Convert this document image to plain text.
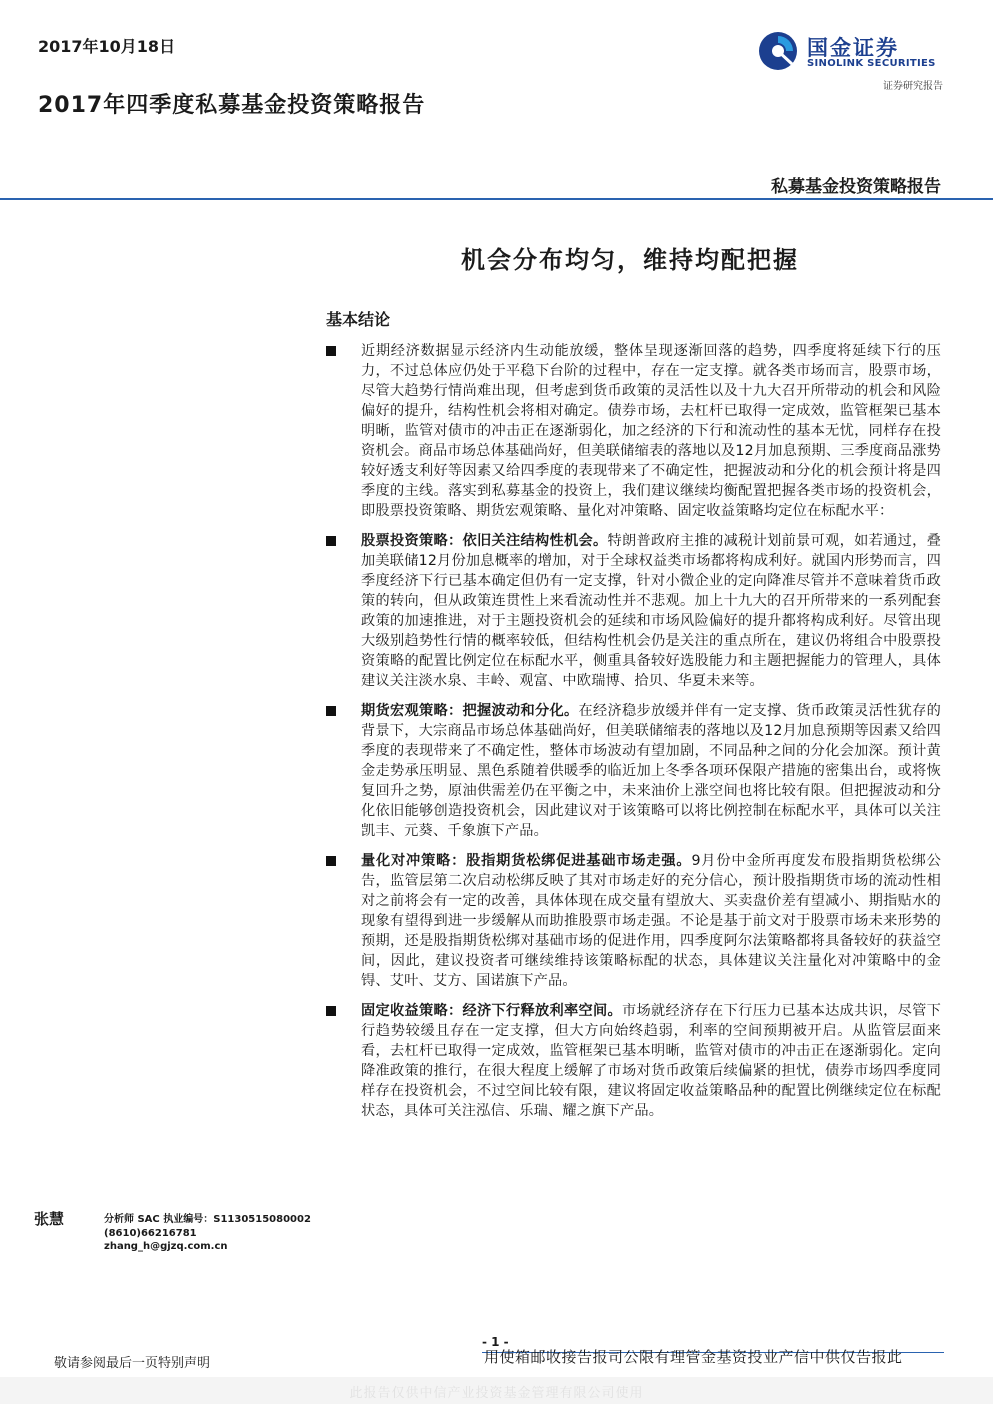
2017年10月18日
2017年四季度私募基金投资策略报告
国金证券
SINOLINK SECURITIES
证券研究报告
私募基金投资策略报告
机会分布均匀，维持均配把握
基本结论
近期经济数据显示经济内生动能放缓，整体呈现逐渐回落的趋势，四季度将延续下行的压力，不过总体应仍处于平稳下台阶的过程中，存在一定支撑。就各类市场而言，股票市场，尽管大趋势行情尚难出现，但考虑到货币政策的灵活性以及十九大召开所带动的机会和风险偏好的提升，结构性机会将相对确定。债券市场，去杠杆已取得一定成效，监管框架已基本明晰，监管对债市的冲击正在逐渐弱化，加之经济的下行和流动性的基本无忧，同样存在投资机会。商品市场总体基础尚好，但美联储缩表的落地以及12月加息预期、三季度商品涨势较好透支利好等因素又给四季度的表现带来了不确定性，把握波动和分化的机会预计将是四季度的主线。落实到私募基金的投资上，我们建议继续均衡配置把握各类市场的投资机会，即股票投资策略、期货宏观策略、量化对冲策略、固定收益策略均定位在标配水平：
股票投资策略：依旧关注结构性机会。特朗普政府主推的减税计划前景可观，如若通过，叠加美联储12月份加息概率的增加，对于全球权益类市场都将构成利好。就国内形势而言，四季度经济下行已基本确定但仍有一定支撑，针对小微企业的定向降准尽管并不意味着货币政策的转向，但从政策连贯性上来看流动性并不悲观。加上十九大的召开所带来的一系列配套政策的加速推进，对于主题投资机会的延续和市场风险偏好的提升都将构成利好。尽管出现大级别趋势性行情的概率较低，但结构性机会仍是关注的重点所在，建议仍将组合中股票投资策略的配置比例定位在标配水平，侧重具备较好选股能力和主题把握能力的管理人，具体建议关注淡水泉、丰岭、观富、中欧瑞博、拾贝、华夏未来等。
期货宏观策略：把握波动和分化。在经济稳步放缓并伴有一定支撑、货币政策灵活性犹存的背景下，大宗商品市场总体基础尚好，但美联储缩表的落地以及12月加息预期等因素又给四季度的表现带来了不确定性，整体市场波动有望加剧，不同品种之间的分化会加深。预计黄金走势承压明显、黑色系随着供暖季的临近加上冬季各项环保限产措施的密集出台，或将恢复回升之势，原油供需差仍在平衡之中，未来油价上涨空间也将比较有限。但把握波动和分化依旧能够创造投资机会，因此建议对于该策略可以将比例控制在标配水平，具体可以关注凯丰、元葵、千象旗下产品。
量化对冲策略：股指期货松绑促进基础市场走强。9月份中金所再度发布股指期货松绑公告，监管层第二次启动松绑反映了其对市场走好的充分信心，预计股指期货市场的流动性相对之前将会有一定的改善，具体体现在成交量有望放大、买卖盘价差有望减小、期指贴水的现象有望得到进一步缓解从而助推股票市场走强。不论是基于前文对于股票市场未来形势的预期，还是股指期货松绑对基础市场的促进作用，四季度阿尔法策略都将具备较好的获益空间，因此，建议投资者可继续维持该策略标配的状态，具体建议关注量化对冲策略中的金锝、艾叶、艾方、国诺旗下产品。
固定收益策略：经济下行释放利率空间。市场就经济存在下行压力已基本达成共识，尽管下行趋势较缓且存在一定支撑，但大方向始终趋弱，利率的空间预期被开启。从监管层面来看，去杠杆已取得一定成效，监管框架已基本明晰，监管对债市的冲击正在逐渐弱化。定向降准政策的推行，在很大程度上缓解了市场对货币政策后续偏紧的担忧，债券市场四季度同样存在投资机会，不过空间比较有限，建议将固定收益策略品种的配置比例继续定位在标配状态，具体可关注泓信、乐瑞、耀之旗下产品。
张慧	分析师 SAC 执业编号：S1130515080002
(8610)66216781
zhang_h@gjzq.com.cn
- 1 -
敬请参阅最后一页特别声明	用使箱邮收接告报司公限有理管金基资投业产信中供仅告报此
此报告仅供中信产业投资基金管理有限公司使用
